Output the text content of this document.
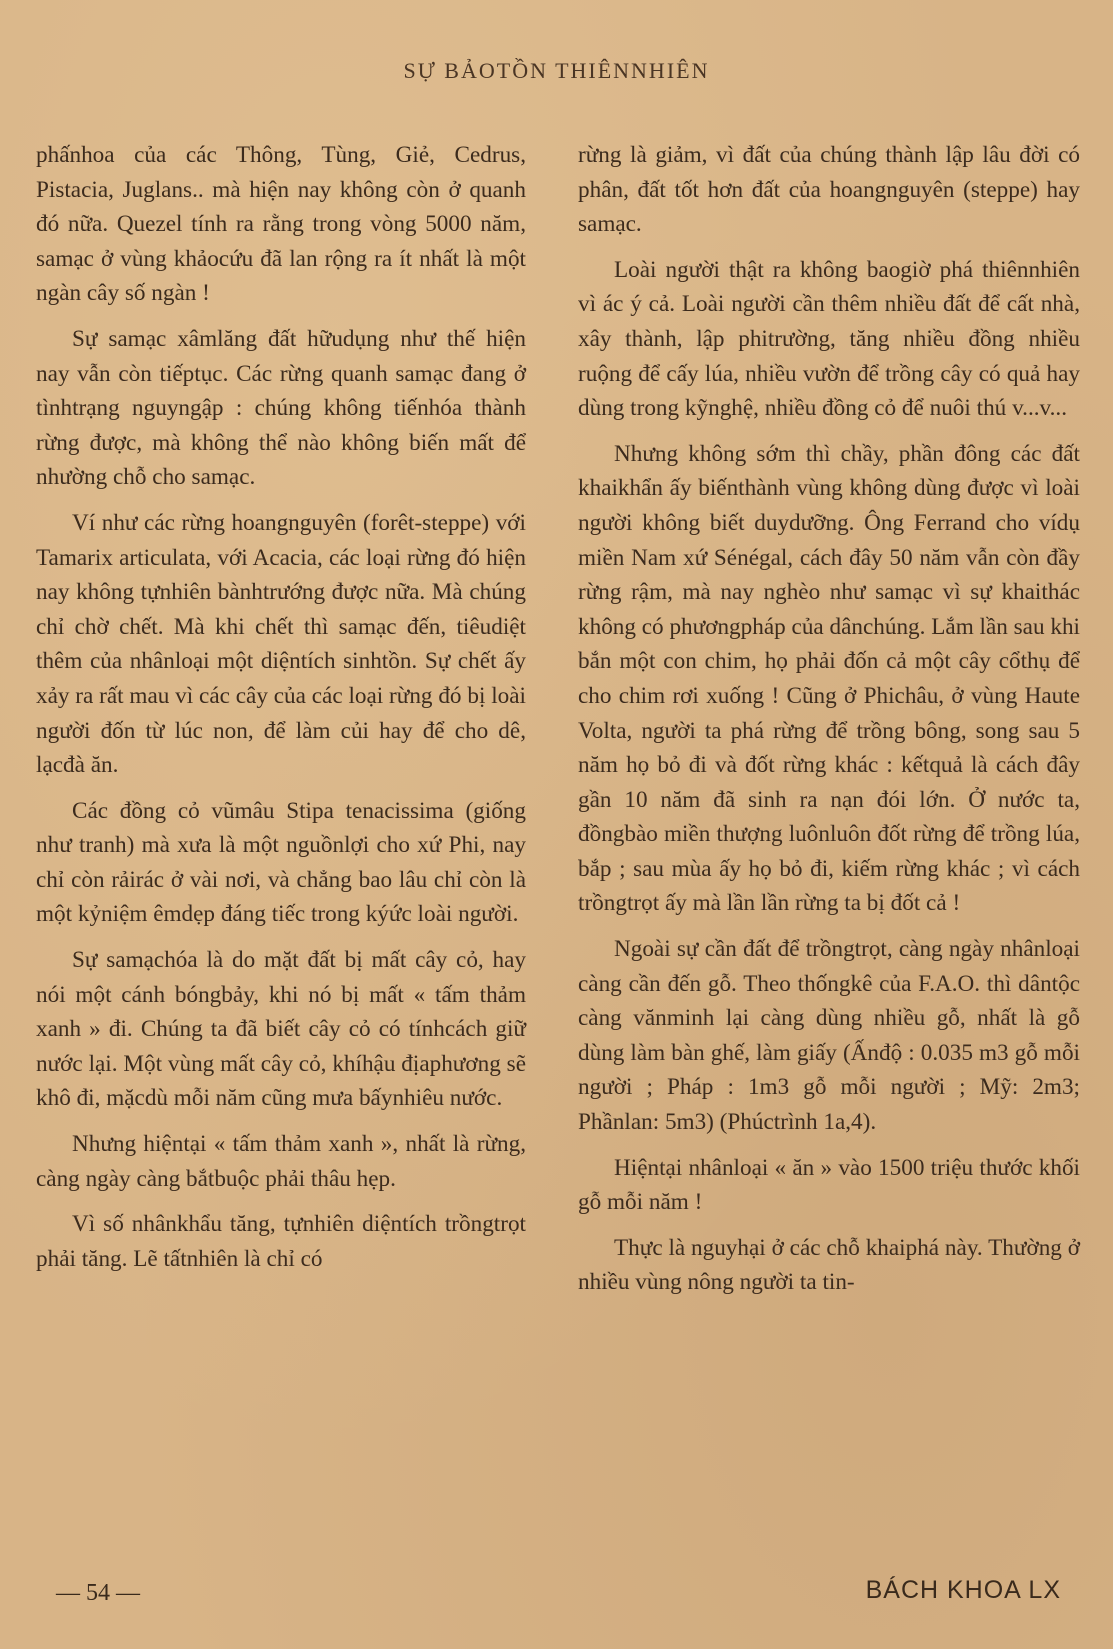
SỰ BẢOTỒN THIÊNNHIÊN

phấnhoa của các Thông, Tùng, Giẻ, Cedrus, Pistacia, Juglans.. mà hiện nay không còn ở quanh đó nữa. Quezel tính ra rằng trong vòng 5000 năm, samạc ở vùng khảocứu đã lan rộng ra ít nhất là một ngàn cây số ngàn !

Sự samạc xâmlăng đất hữudụng như thế hiện nay vẫn còn tiếptục. Các rừng quanh samạc đang ở tìnhtrạng nguyngập : chúng không tiếnhóa thành rừng được, mà không thể nào không biến mất để nhường chỗ cho samạc.

Ví như các rừng hoangnguyên (forêt-steppe) với Tamarix articulata, với Acacia, các loại rừng đó hiện nay không tựnhiên bànhtrướng được nữa. Mà chúng chỉ chờ chết. Mà khi chết thì samạc đến, tiêudiệt thêm của nhânloại một diệntích sinhtồn. Sự chết ấy xảy ra rất mau vì các cây của các loại rừng đó bị loài người đốn từ lúc non, để làm củi hay để cho dê, lạcđà ăn.

Các đồng cỏ vũmâu Stipa tenacissima (giống như tranh) mà xưa là một nguồnlợi cho xứ Phi, nay chỉ còn rảirác ở vài nơi, và chẳng bao lâu chỉ còn là một kỷniệm êmdẹp đáng tiếc trong kýức loài người.

Sự samạchóa là do mặt đất bị mất cây cỏ, hay nói một cánh bóngbảy, khi nó bị mất « tấm thảm xanh » đi. Chúng ta đã biết cây cỏ có tínhcách giữ nước lại. Một vùng mất cây cỏ, khíhậu địaphương sẽ khô đi, mặcdù mỗi năm cũng mưa bấynhiêu nước.

Nhưng hiệntại « tấm thảm xanh », nhất là rừng, càng ngày càng bắtbuộc phải thâu hẹp.

Vì số nhânkhẩu tăng, tựnhiên diệntích trồngtrọt phải tăng. Lẽ tấtnhiên là chỉ có

rừng là giảm, vì đất của chúng thành lập lâu đời có phân, đất tốt hơn đất của hoangnguyên (steppe) hay samạc.

Loài người thật ra không baogiờ phá thiênnhiên vì ác ý cả. Loài người cần thêm nhiều đất để cất nhà, xây thành, lập phitrường, tăng nhiều đồng nhiều ruộng để cấy lúa, nhiều vườn để trồng cây có quả hay dùng trong kỹnghệ, nhiều đồng cỏ để nuôi thú v...v...

Nhưng không sớm thì chầy, phần đông các đất khaikhẩn ấy biếnthành vùng không dùng được vì loài người không biết duydưỡng. Ông Ferrand cho vídụ miền Nam xứ Sénégal, cách đây 50 năm vẫn còn đầy rừng rậm, mà nay nghèo như samạc vì sự khaithác không có phươngpháp của dânchúng. Lắm lần sau khi bắn một con chim, họ phải đốn cả một cây cổthụ để cho chim rơi xuống ! Cũng ở Phichâu, ở vùng Haute Volta, người ta phá rừng để trồng bông, song sau 5 năm họ bỏ đi và đốt rừng khác : kếtquả là cách đây gần 10 năm đã sinh ra nạn đói lớn. Ở nước ta, đồngbào miền thượng luônluôn đốt rừng để trồng lúa, bắp ; sau mùa ấy họ bỏ đi, kiếm rừng khác ; vì cách trồngtrọt ấy mà lần lần rừng ta bị đốt cả !

Ngoài sự cần đất để trồngtrọt, càng ngày nhânloại càng cần đến gỗ. Theo thốngkê của F.A.O. thì dântộc càng vănminh lại càng dùng nhiều gỗ, nhất là gỗ dùng làm bàn ghế, làm giấy (Ấnđộ : 0.035 m3 gỗ mỗi người ; Pháp : 1m3 gỗ mỗi người ; Mỹ: 2m3; Phầnlan: 5m3) (Phúctrình 1a,4).

Hiệntại nhânloại « ăn » vào 1500 triệu thước khối gỗ mỗi năm !

Thực là nguyhại ở các chỗ khaiphá này. Thường ở nhiều vùng nông người ta tin-

— 54 —	BÁCH KHOA LX
